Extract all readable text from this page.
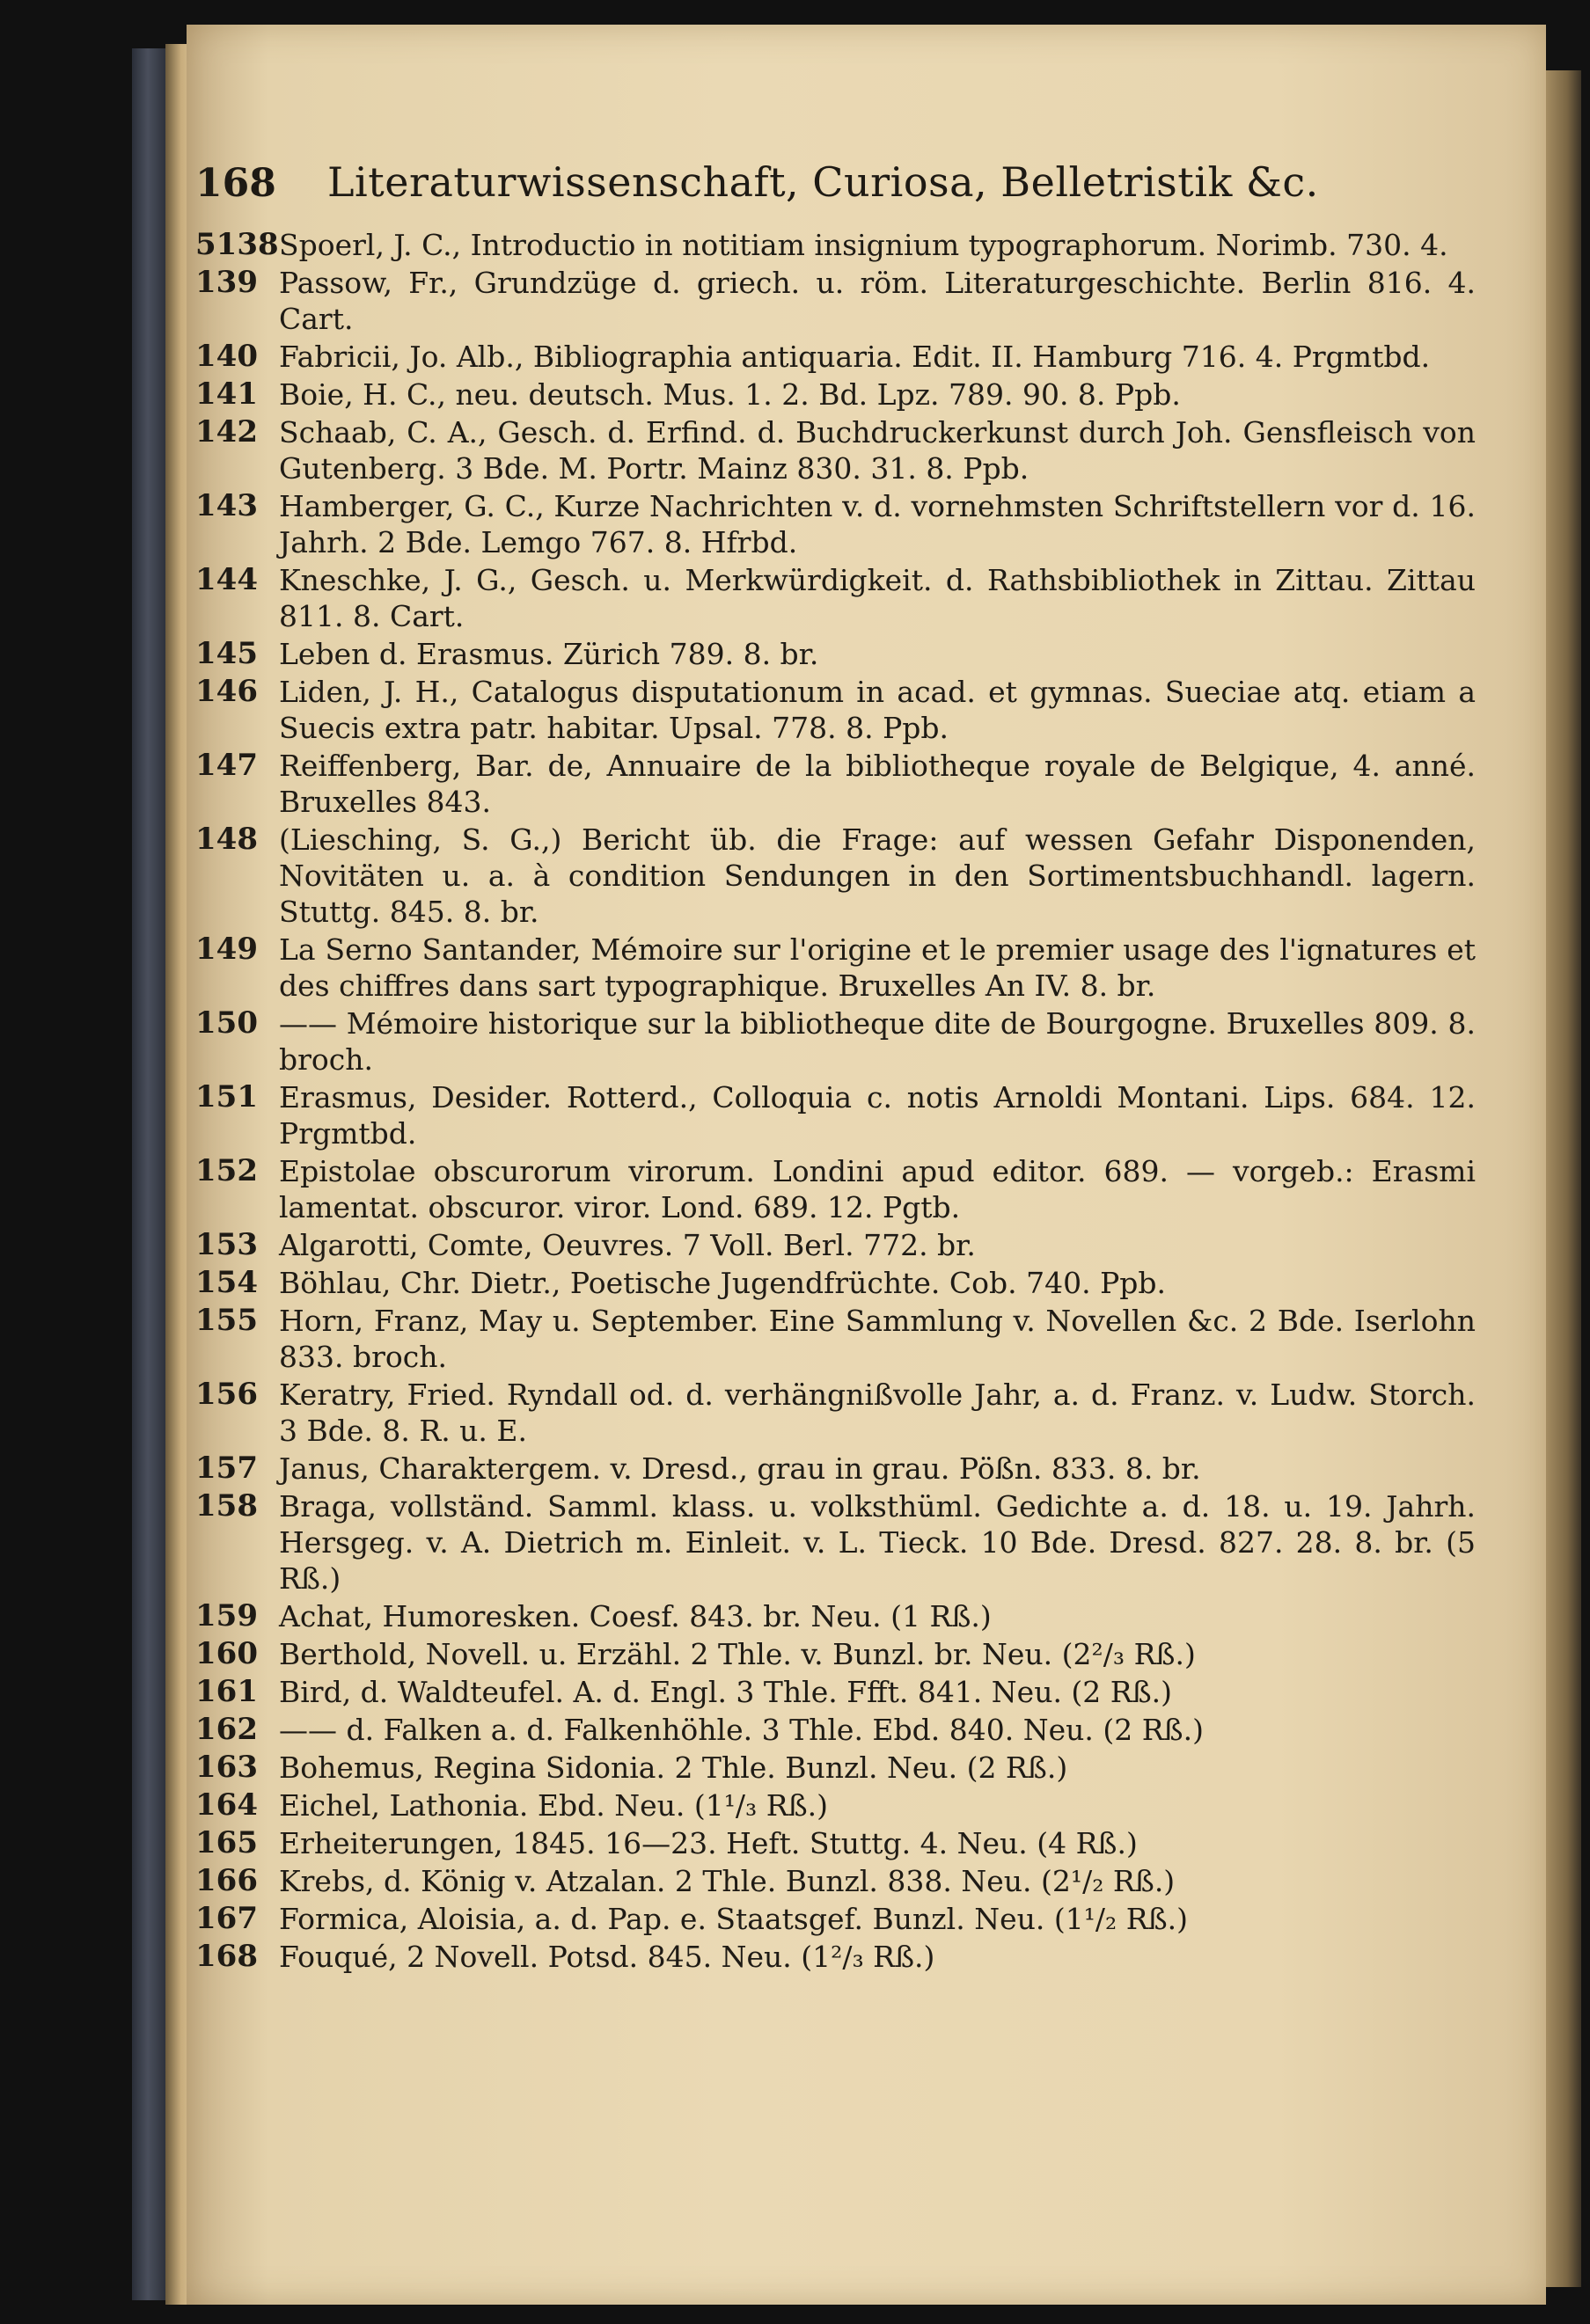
168	Literaturwissenschaft, Curiosa, Belletristik &c.
5138 Spoerl, J. C., Introductio in notitiam insignium typographorum. Norimb. 730. 4.
139 Passow, Fr., Grundzüge d. griech. u. röm. Literaturgeschichte. Berlin 816. 4. Cart.
140 Fabricii, Jo. Alb., Bibliographia antiquaria. Edit. II. Hamburg 716. 4. Prgmtbd.
141 Boie, H. C., neu. deutsch. Mus. 1. 2. Bd. Lpz. 789. 90. 8. Ppb.
142 Schaab, C. A., Gesch. d. Erfind. d. Buchdruckerkunst durch Joh. Gensfleisch von Gutenberg. 3 Bde. M. Portr. Mainz 830. 31. 8. Ppb.
143 Hamberger, G. C., Kurze Nachrichten v. d. vornehmsten Schriftstellern vor d. 16. Jahrh. 2 Bde. Lemgo 767. 8. Hfrbd.
144 Kneschke, J. G., Gesch. u. Merkwürdigkeit. d. Rathsbibliothek in Zittau. Zittau 811. 8. Cart.
145 Leben d. Erasmus. Zürich 789. 8. br.
146 Liden, J. H., Catalogus disputationum in acad. et gymnas. Sueciae atq. etiam a Suecis extra patr. habitar. Upsal. 778. 8. Ppb.
147 Reiffenberg, Bar. de, Annuaire de la bibliotheque royale de Belgique, 4. anné. Bruxelles 843.
148 (Liesching, S. G.,) Bericht üb. die Frage: auf wessen Gefahr Disponenden, Novitäten u. a. à condition Sendungen in den Sortimentsbuchhandl. lagern. Stuttg. 845. 8. br.
149 La Serno Santander, Mémoire sur l'origine et le premier usage des l'ignatures et des chiffres dans sart typographique. Bruxelles An IV. 8. br.
150 —— Mémoire historique sur la bibliotheque dite de Bourgogne. Bruxelles 809. 8. broch.
151 Erasmus, Desider. Rotterd., Colloquia c. notis Arnoldi Montani. Lips. 684. 12. Prgmtbd.
152 Epistolae obscurorum virorum. Londini apud editor. 689. — vorgeb.: Erasmi lamentat. obscuror. viror. Lond. 689. 12. Pgtb.
153 Algarotti, Comte, Oeuvres. 7 Voll. Berl. 772. br.
154 Böhlau, Chr. Dietr., Poetische Jugendfrüchte. Cob. 740. Ppb.
155 Horn, Franz, May u. September. Eine Sammlung v. Novellen &c. 2 Bde. Iserlohn 833. broch.
156 Keratry, Fried. Ryndall od. d. verhängnißvolle Jahr, a. d. Franz. v. Ludw. Storch. 3 Bde. 8. R. u. E.
157 Janus, Charaktergem. v. Dresd., grau in grau. Pößn. 833. 8. br.
158 Braga, vollständ. Samml. klass. u. volksthüml. Gedichte a. d. 18. u. 19. Jahrh. Hersgeg. v. A. Dietrich m. Einleit. v. L. Tieck. 10 Bde. Dresd. 827. 28. 8. br. (5 Rß.)
159 Achat, Humoresken. Coesf. 843. br. Neu. (1 Rß.)
160 Berthold, Novell. u. Erzähl. 2 Thle. v. Bunzl. br. Neu. (2²/₃ Rß.)
161 Bird, d. Waldteufel. A. d. Engl. 3 Thle. Ffft. 841. Neu. (2 Rß.)
162 —— d. Falken a. d. Falkenhöhle. 3 Thle. Ebd. 840. Neu. (2 Rß.)
163 Bohemus, Regina Sidonia. 2 Thle. Bunzl. Neu. (2 Rß.)
164 Eichel, Lathonia. Ebd. Neu. (1¹/₃ Rß.)
165 Erheiterungen, 1845. 16—23. Heft. Stuttg. 4. Neu. (4 Rß.)
166 Krebs, d. König v. Atzalan. 2 Thle. Bunzl. 838. Neu. (2¹/₂ Rß.)
167 Formica, Aloisia, a. d. Pap. e. Staatsgef. Bunzl. Neu. (1¹/₂ Rß.)
168 Fouqué, 2 Novell. Potsd. 845. Neu. (1²/₃ Rß.)
